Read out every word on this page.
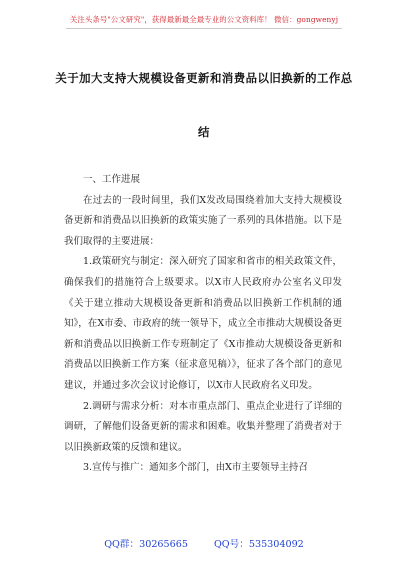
关注头条号"公文研究"，获得最新最全最专业的公文资料库！ 微信：gongwenyj
关于加大支持大规模设备更新和消费品以旧换新的工作总
结

一、工作进展

在过去的一段时间里，我们X发改局围绕着加大支持大规模设备更新和消费品以旧换新的政策实施了一系列的具体措施。以下是我们取得的主要进展：

1.政策研究与制定：深入研究了国家和省市的相关政策文件，确保我们的措施符合上级要求。以X市人民政府办公室名义印发《关于建立推动大规模设备更新和消费品以旧换新工作机制的通知》，在X市委、市政府的统一领导下，成立全市推动大规模设备更新和消费品以旧换新工作专班制定了《X市推动大规模设备更新和消费品以旧换新工作方案（征求意见稿）》，征求了各个部门的意见建议，并通过多次会议讨论修订，以X市人民政府名义印发。

2.调研与需求分析：对本市重点部门、重点企业进行了详细的调研，了解他们设备更新的需求和困难。收集并整理了消费者对于以旧换新政策的反馈和建议。

3.宣传与推广：通知多个部门，由X市主要领导主持召

QQ群：30265665	QQ号：535304092
